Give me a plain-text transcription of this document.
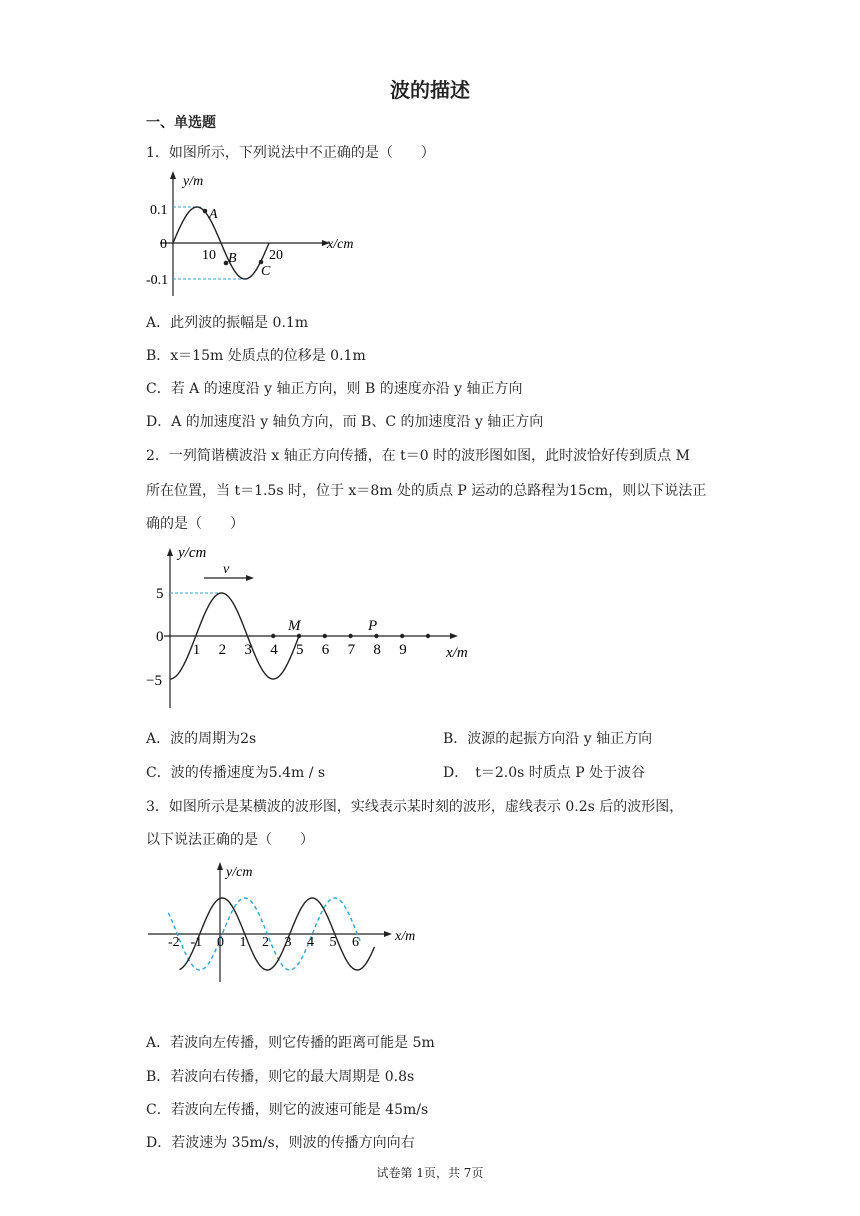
波的描述
一、单选题
1．如图所示，下列说法中不正确的是（　　）
y/m
0.1
0
-0.1
x/cm
10	20
A
B
C
A．此列波的振幅是 0.1m
B．x＝15m 处质点的位移是 0.1m
C．若 A 的速度沿 y 轴正方向，则 B 的速度亦沿 y 轴正方向
D．A 的加速度沿 y 轴负方向，而 B、C 的加速度沿 y 轴正方向
2．一列简谐横波沿 x 轴正方向传播，在 t＝0 时的波形图如图，此时波恰好传到质点 M
所在位置，当 t＝1.5s 时，位于 x＝8m 处的质点 P 运动的总路程为15cm，则以下说法正
确的是（　　）
v
y/cm
5
0
−5
x/m
1 2 3 4 5 6 7 8 9
M	P
A．波的周期为2s	B．波源的起振方向沿 y 轴正方向
C．波的传播速度为5.4m / s	D．　t＝2.0s 时质点 P 处于波谷
3．如图所示是某横波的波形图，实线表示某时刻的波形，虚线表示 0.2s 后的波形图，
以下说法正确的是（　　）
y/cm
x/m
-2 -1 0 1 2 3 4 5 6
A．若波向左传播，则它传播的距离可能是 5m
B．若波向右传播，则它的最大周期是 0.8s
C．若波向左传播，则它的波速可能是 45m/s
D．若波速为 35m/s，则波的传播方向向右
试卷第 1页，共 7页
